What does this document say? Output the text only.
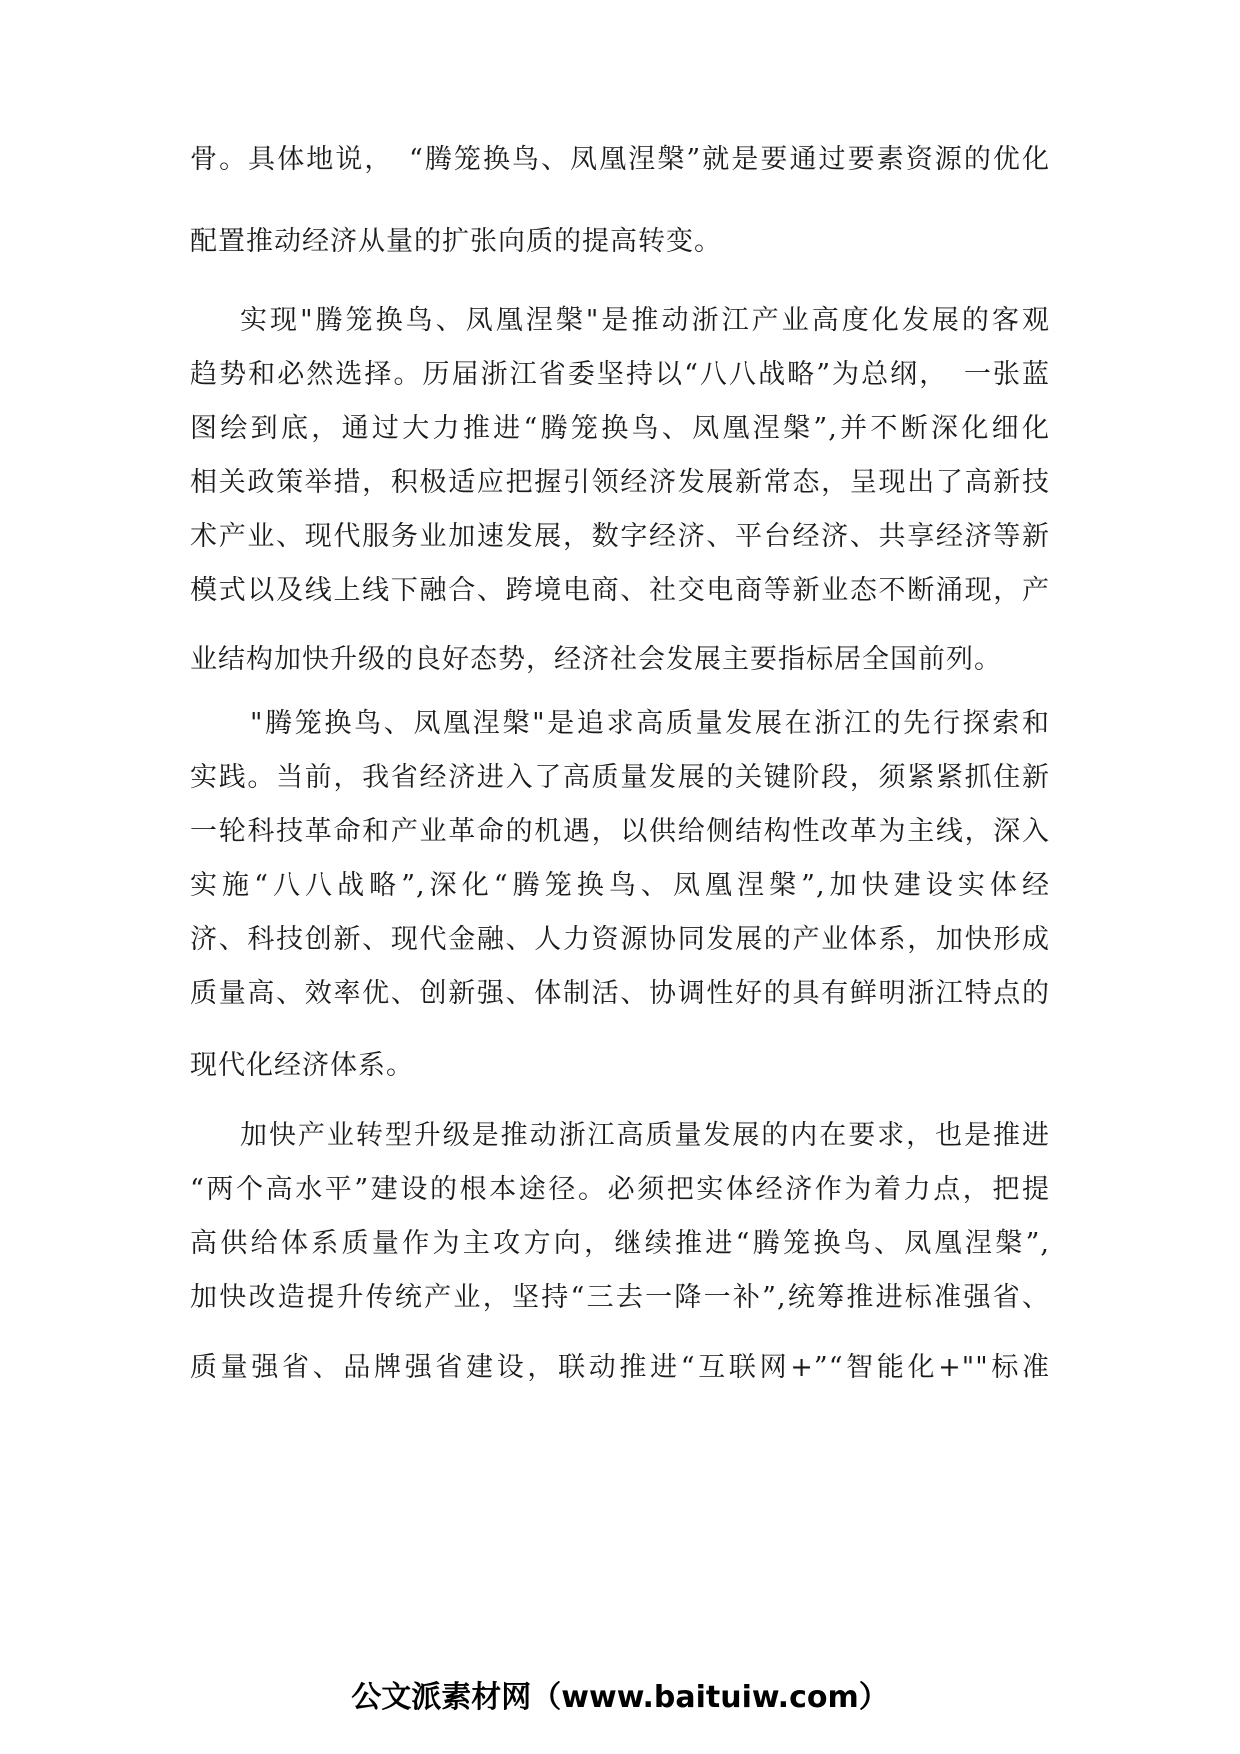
骨。具体地说，　“腾笼换鸟、凤凰涅槃”就是要通过要素资源的优化
配置推动经济从量的扩张向质的提高转变。
实现"腾笼换鸟、凤凰涅槃"是推动浙江产业高度化发展的客观
趋势和必然选择。历届浙江省委坚持以“八八战略”为总纲，　一张蓝
图绘到底，通过大力推进“腾笼换鸟、凤凰涅槃”,并不断深化细化
相关政策举措，积极适应把握引领经济发展新常态，呈现出了高新技
术产业、现代服务业加速发展，数字经济、平台经济、共享经济等新
模式以及线上线下融合、跨境电商、社交电商等新业态不断涌现，产
业结构加快升级的良好态势，经济社会发展主要指标居全国前列。
"腾笼换鸟、凤凰涅槃"是追求高质量发展在浙江的先行探索和
实践。当前，我省经济进入了高质量发展的关键阶段，须紧紧抓住新
一轮科技革命和产业革命的机遇，以供给侧结构性改革为主线，深入
实施“八八战略”,深化“腾笼换鸟、凤凰涅槃”,加快建设实体经
济、科技创新、现代金融、人力资源协同发展的产业体系，加快形成
质量高、效率优、创新强、体制活、协调性好的具有鲜明浙江特点的
现代化经济体系。
加快产业转型升级是推动浙江高质量发展的内在要求，也是推进
“两个高水平”建设的根本途径。必须把实体经济作为着力点，把提
高供给体系质量作为主攻方向，继续推进“腾笼换鸟、凤凰涅槃”,
加快改造提升传统产业，坚持“三去一降一补”,统筹推进标准强省、
质量强省、品牌强省建设，联动推进“互联网+”“智能化+""标准
公文派素材网（www.baituiw.com）
